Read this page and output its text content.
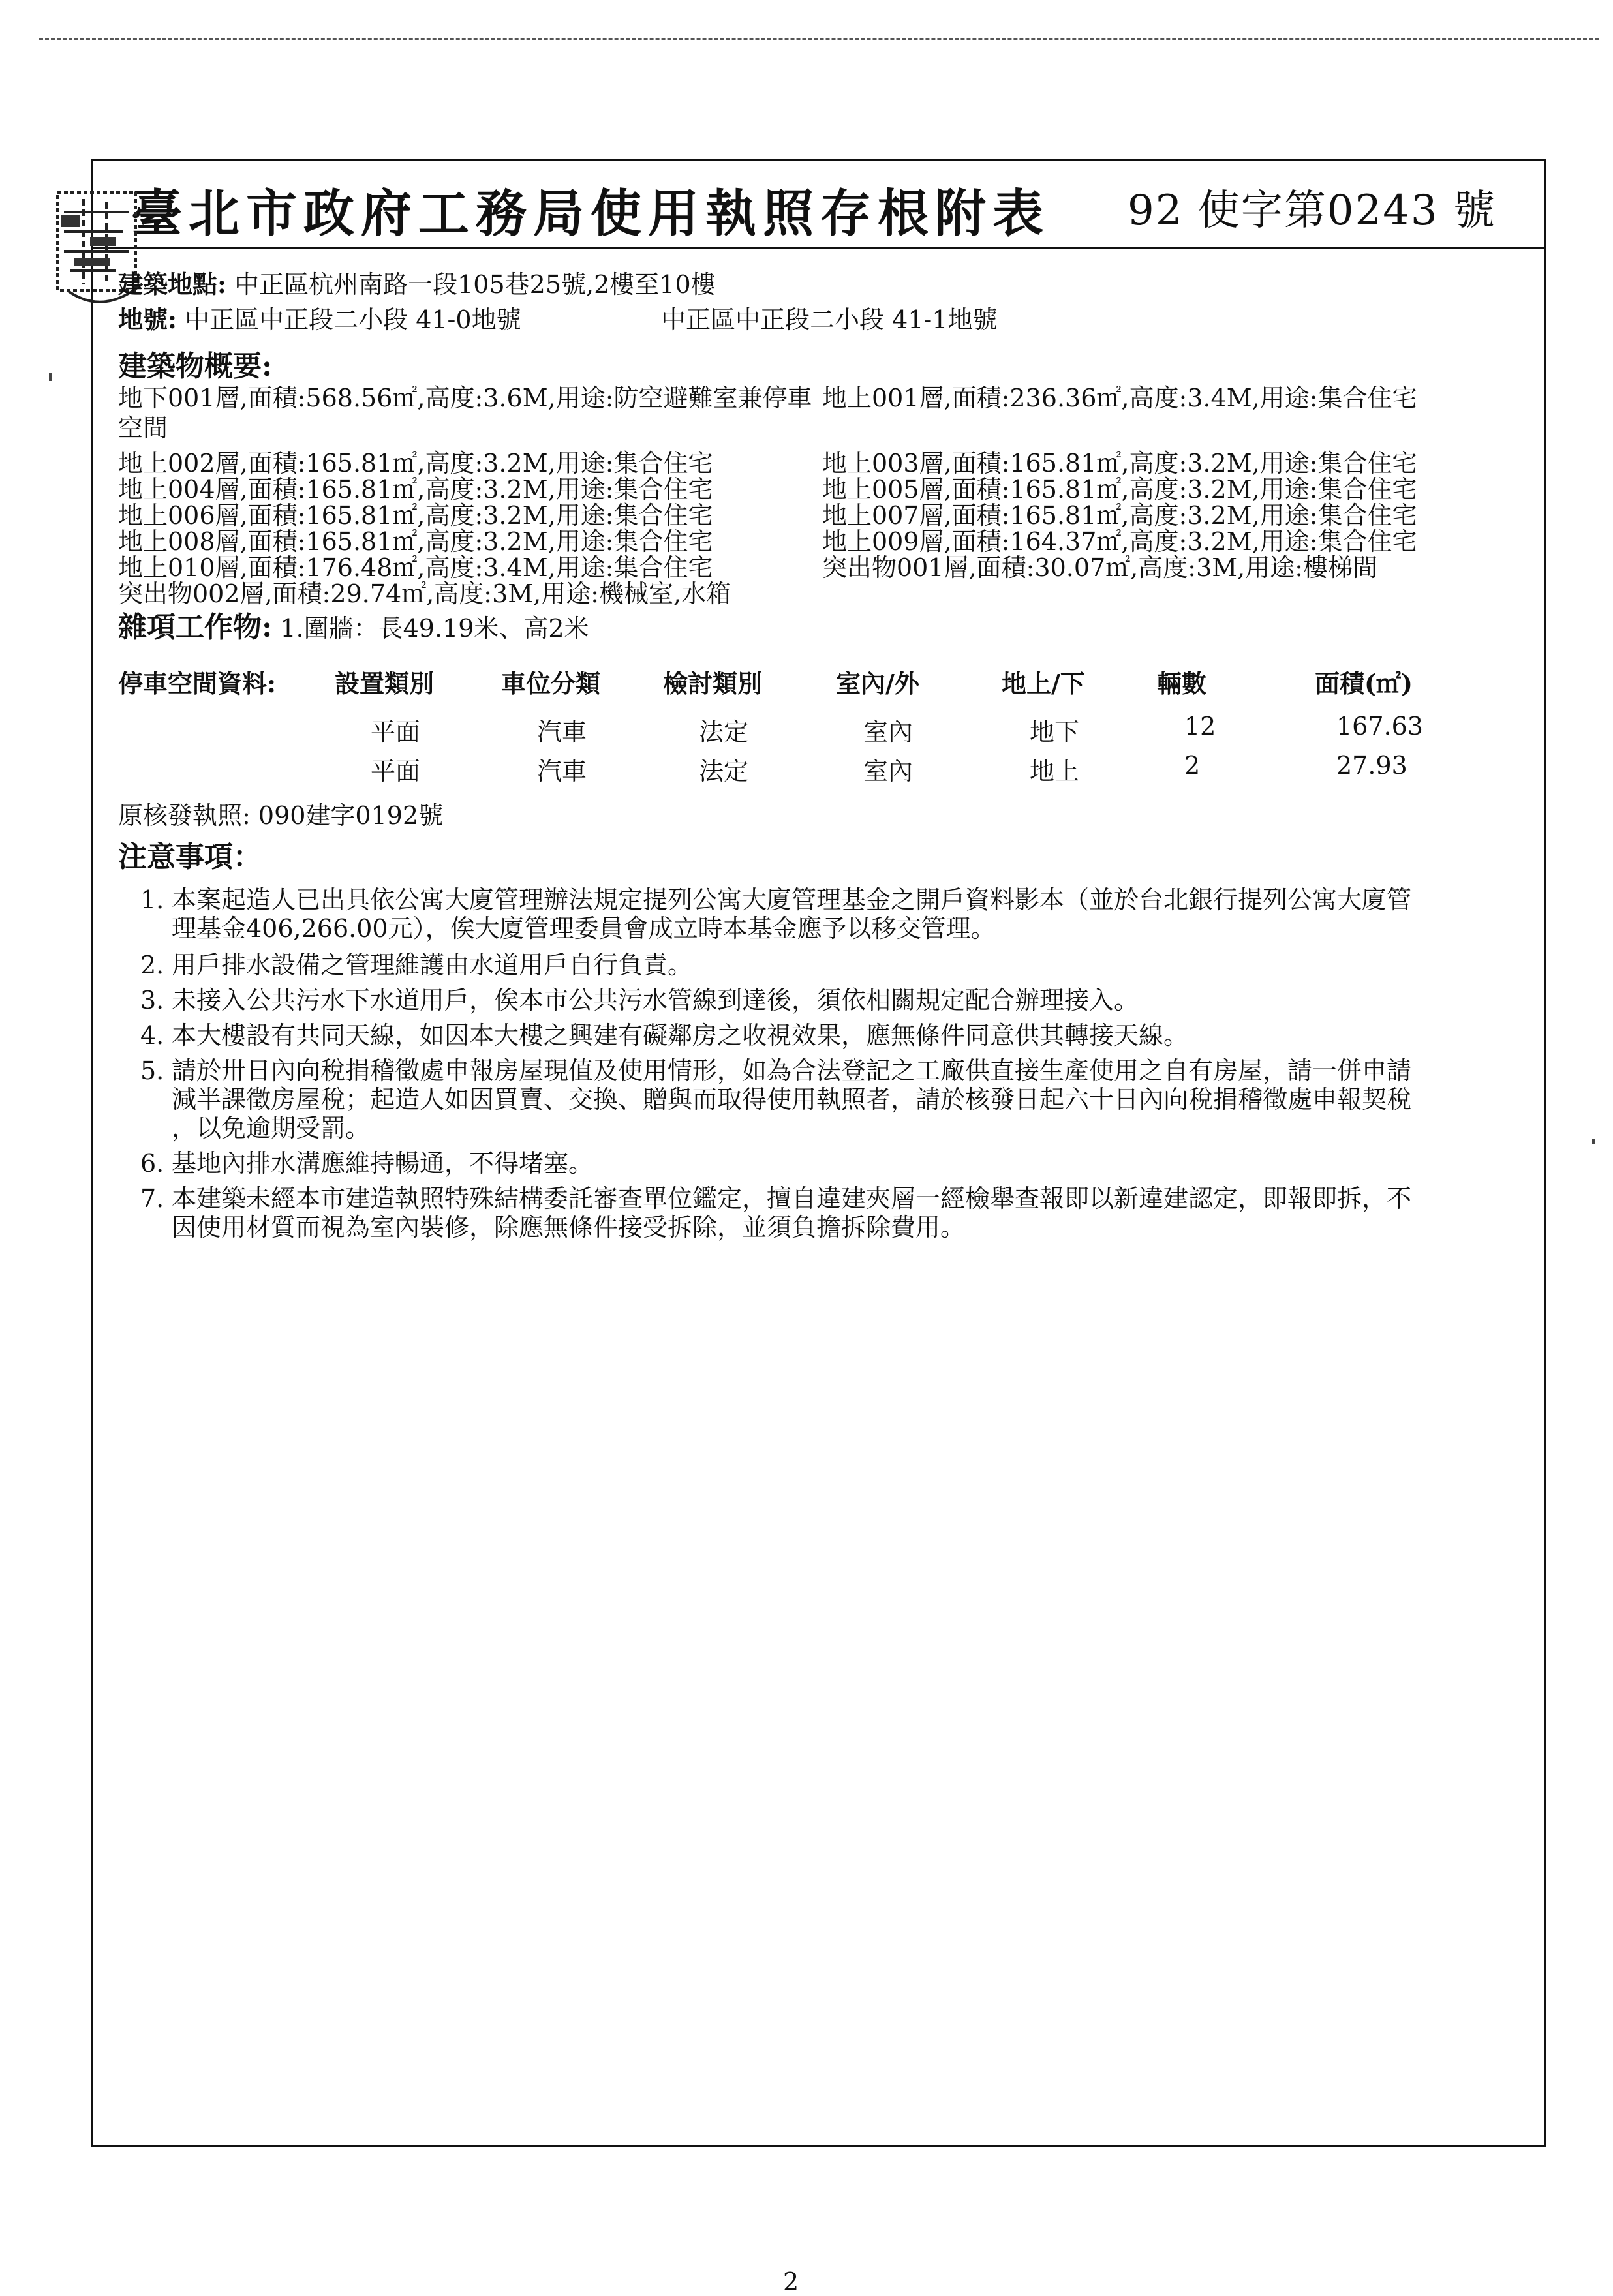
臺北市政府工務局使用執照存根附表 92 使字第0243 號
建築地點: 中正區杭州南路一段105巷25號,2樓至10樓
地號: 中正區中正段二小段 41-0地號	中正區中正段二小段 41-1地號
建築物概要:
地下001層,面積:568.56㎡,高度:3.6M,用途:防空避難室兼停車 地上001層,面積:236.36㎡,高度:3.4M,用途:集合住宅
空間
地上002層,面積:165.81㎡,高度:3.2M,用途:集合住宅	地上003層,面積:165.81㎡,高度:3.2M,用途:集合住宅
地上004層,面積:165.81㎡,高度:3.2M,用途:集合住宅	地上005層,面積:165.81㎡,高度:3.2M,用途:集合住宅
地上006層,面積:165.81㎡,高度:3.2M,用途:集合住宅	地上007層,面積:165.81㎡,高度:3.2M,用途:集合住宅
地上008層,面積:165.81㎡,高度:3.2M,用途:集合住宅	地上009層,面積:164.37㎡,高度:3.2M,用途:集合住宅
地上010層,面積:176.48㎡,高度:3.4M,用途:集合住宅	突出物001層,面積:30.07㎡,高度:3M,用途:樓梯間
突出物002層,面積:29.74㎡,高度:3M,用途:機械室,水箱
雜項工作物: 1.圍牆：長49.19米、高2米
停車空間資料: 設置類別	車位分類	檢討類別	室內/外	地上/下	輛數	面積(㎡)
平面	汽車	法定	室內	地下	12	167.63
平面	汽車	法定	室內	地上	2	27.93
原核發執照: 090建字0192號
注意事項：
1. 本案起造人已出具依公寓大廈管理辦法規定提列公寓大廈管理基金之開戶資料影本（並於台北銀行提列公寓大廈管
理基金406,266.00元），俟大廈管理委員會成立時本基金應予以移交管理。
2. 用戶排水設備之管理維護由水道用戶自行負責。
3. 未接入公共污水下水道用戶，俟本市公共污水管線到達後，須依相關規定配合辦理接入。
4. 本大樓設有共同天線，如因本大樓之興建有礙鄰房之收視效果，應無條件同意供其轉接天線。
5. 請於卅日內向稅捐稽徵處申報房屋現值及使用情形，如為合法登記之工廠供直接生產使用之自有房屋，請一併申請
減半課徵房屋稅；起造人如因買賣、交換、贈與而取得使用執照者，請於核發日起六十日內向稅捐稽徵處申報契稅
，以免逾期受罰。
6. 基地內排水溝應維持暢通，不得堵塞。
7. 本建築未經本市建造執照特殊結構委託審查單位鑑定，擅自違建夾層一經檢舉查報即以新違建認定，即報即拆，不
因使用材質而視為室內裝修，除應無條件接受拆除，並須負擔拆除費用。
2
